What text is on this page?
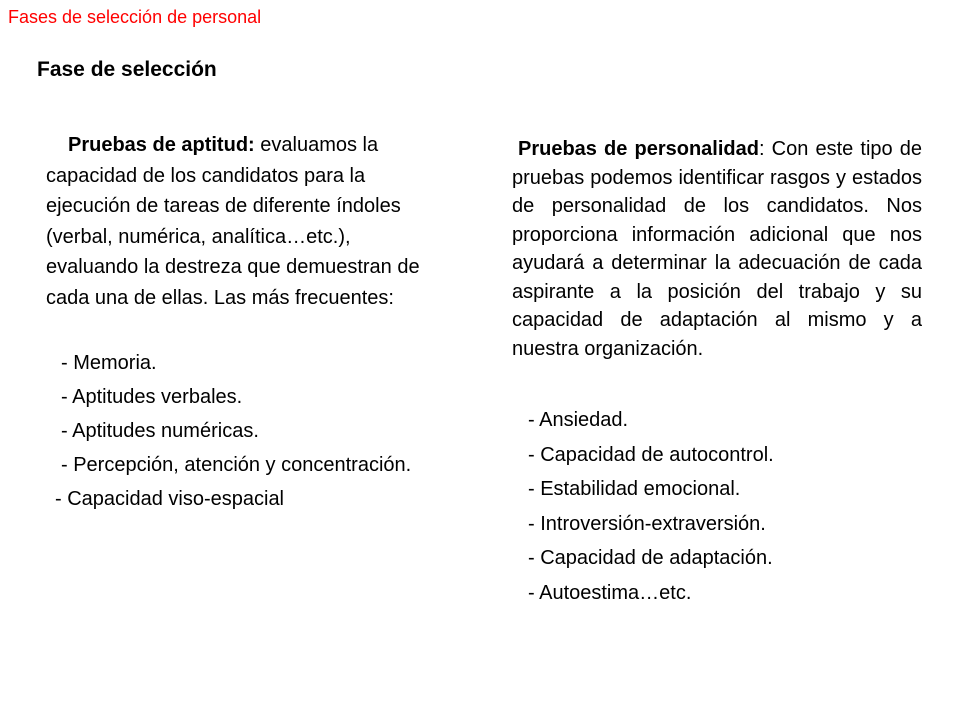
Fases de selección de personal
Fase de selección

Pruebas de aptitud: evaluamos la capacidad de los candidatos para la ejecución de tareas de diferente índoles (verbal, numérica, analítica…etc.), evaluando la destreza que demuestran de cada una de ellas. Las más frecuentes:

- Memoria.
- Aptitudes verbales.
- Aptitudes numéricas.
- Percepción, atención y concentración.
- Capacidad viso-espacial

Pruebas de personalidad: Con este tipo de pruebas podemos identificar rasgos y estados de personalidad de los candidatos. Nos proporciona información adicional que nos ayudará a determinar la adecuación de cada aspirante a la posición del trabajo y su capacidad de adaptación al mismo y a nuestra organización.

- Ansiedad.
- Capacidad de autocontrol.
- Estabilidad emocional.
- Introversión-extraversión.
- Capacidad de adaptación.
- Autoestima…etc.
